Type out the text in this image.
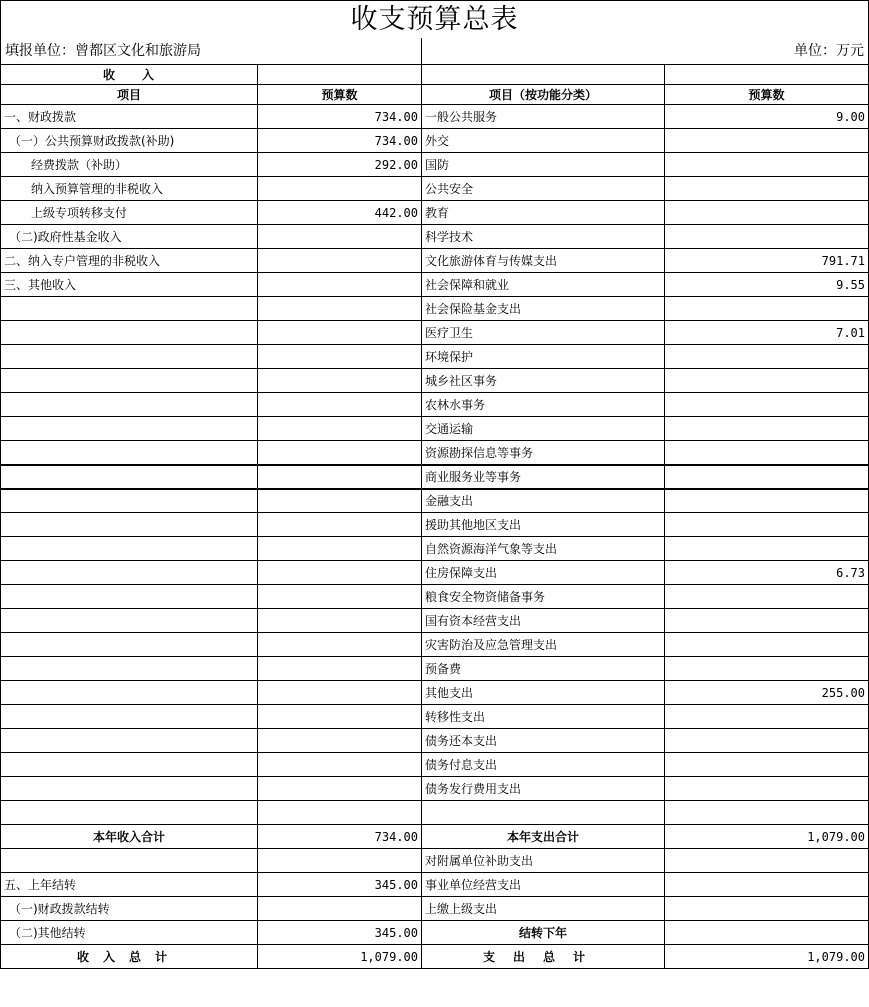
收支预算总表
填报单位：曾都区文化和旅游局	单位：万元
收　　入			
项目	预算数	项目（按功能分类）	预算数
一、财政拨款	734.00	一般公共服务	9.00
（一）公共预算财政拨款(补助)	734.00	外交	
经费拨款（补助）	292.00	国防	
纳入预算管理的非税收入		公共安全	
上级专项转移支付	442.00	教育	
（二)政府性基金收入		科学技术	
二、纳入专户管理的非税收入		文化旅游体育与传媒支出	791.71
三、其他收入		社会保障和就业	9.55
		社会保险基金支出	
		医疗卫生	7.01
		环境保护	
		城乡社区事务	
		农林水事务	
		交通运输	
		资源勘探信息等事务	
		商业服务业等事务	
		金融支出	
		援助其他地区支出	
		自然资源海洋气象等支出	
		住房保障支出	6.73
		粮食安全物资储备事务	
		国有资本经营支出	
		灾害防治及应急管理支出	
		预备费	
		其他支出	255.00
		转移性支出	
		债务还本支出	
		债务付息支出	
		债务发行费用支出	

本年收入合计	734.00	本年支出合计	1,079.00
		对附属单位补助支出	
五、上年结转	345.00	事业单位经营支出	
（一)财政拨款结转		上缴上级支出	
（二)其他结转	345.00	结转下年	
收入总计	1,079.00	支出总计	1,079.00
